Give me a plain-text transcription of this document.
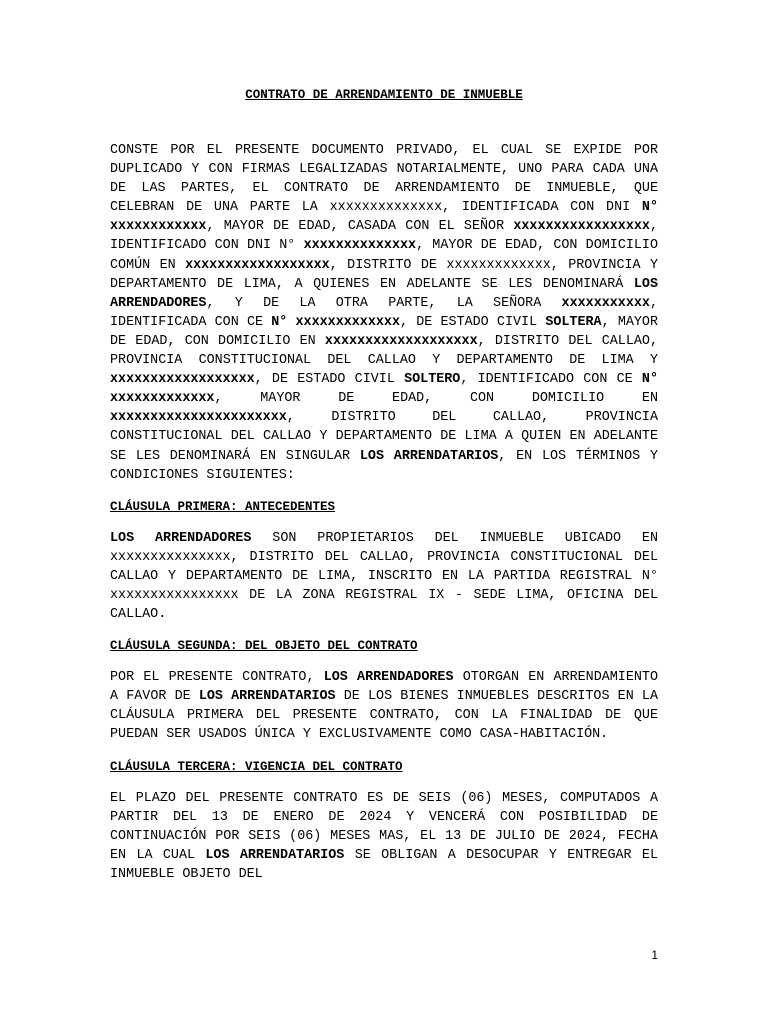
CONTRATO DE ARRENDAMIENTO DE INMUEBLE

CONSTE POR EL PRESENTE DOCUMENTO PRIVADO, EL CUAL SE EXPIDE POR DUPLICADO Y CON FIRMAS LEGALIZADAS NOTARIALMENTE, UNO PARA CADA UNA DE LAS PARTES, EL CONTRATO DE ARRENDAMIENTO DE INMUEBLE, QUE CELEBRAN DE UNA PARTE LA xxxxxxxxxxxxxx, IDENTIFICADA CON DNI N° xxxxxxxxxxxx, MAYOR DE EDAD, CASADA CON EL SEÑOR xxxxxxxxxxxxxxxxx, IDENTIFICADO CON DNI N° xxxxxxxxxxxxxx, MAYOR DE EDAD, CON DOMICILIO COMÚN EN xxxxxxxxxxxxxxxxxx, DISTRITO DE xxxxxxxxxxxxx, PROVINCIA Y DEPARTAMENTO DE LIMA, A QUIENES EN ADELANTE SE LES DENOMINARÁ LOS ARRENDADORES, Y DE LA OTRA PARTE, LA SEÑORA xxxxxxxxxxx, IDENTIFICADA CON CE N° xxxxxxxxxxxxx, DE ESTADO CIVIL SOLTERA, MAYOR DE EDAD, CON DOMICILIO EN xxxxxxxxxxxxxxxxxxx, DISTRITO DEL CALLAO, PROVINCIA CONSTITUCIONAL DEL CALLAO Y DEPARTAMENTO DE LIMA Y xxxxxxxxxxxxxxxxxx, DE ESTADO CIVIL SOLTERO, IDENTIFICADO CON CE N° xxxxxxxxxxxxx, MAYOR DE EDAD, CON DOMICILIO EN xxxxxxxxxxxxxxxxxxxxxx, DISTRITO DEL CALLAO, PROVINCIA CONSTITUCIONAL DEL CALLAO Y DEPARTAMENTO DE LIMA A QUIEN EN ADELANTE SE LES DENOMINARÁ EN SINGULAR LOS ARRENDATARIOS, EN LOS TÉRMINOS Y CONDICIONES SIGUIENTES:

CLÁUSULA PRIMERA: ANTECEDENTES

LOS ARRENDADORES SON PROPIETARIOS DEL INMUEBLE UBICADO EN xxxxxxxxxxxxxxx, DISTRITO DEL CALLAO, PROVINCIA CONSTITUCIONAL DEL CALLAO Y DEPARTAMENTO DE LIMA, INSCRITO EN LA PARTIDA REGISTRAL N° xxxxxxxxxxxxxxxx DE LA ZONA REGISTRAL IX - SEDE LIMA, OFICINA DEL CALLAO.

CLÁUSULA SEGUNDA: DEL OBJETO DEL CONTRATO

POR EL PRESENTE CONTRATO, LOS ARRENDADORES OTORGAN EN ARRENDAMIENTO A FAVOR DE LOS ARRENDATARIOS DE LOS BIENES INMUEBLES DESCRITOS EN LA CLÁUSULA PRIMERA DEL PRESENTE CONTRATO, CON LA FINALIDAD DE QUE PUEDAN SER USADOS ÚNICA Y EXCLUSIVAMENTE COMO CASA-HABITACIÓN.

CLÁUSULA TERCERA: VIGENCIA DEL CONTRATO

EL PLAZO DEL PRESENTE CONTRATO ES DE SEIS (06) MESES, COMPUTADOS A PARTIR DEL 13 DE ENERO DE 2024 Y VENCERÁ CON POSIBILIDAD DE CONTINUACIÓN POR SEIS (06) MESES MAS, EL 13 DE JULIO DE 2024, FECHA EN LA CUAL LOS ARRENDATARIOS SE OBLIGAN A DESOCUPAR Y ENTREGAR EL INMUEBLE OBJETO DEL

1
